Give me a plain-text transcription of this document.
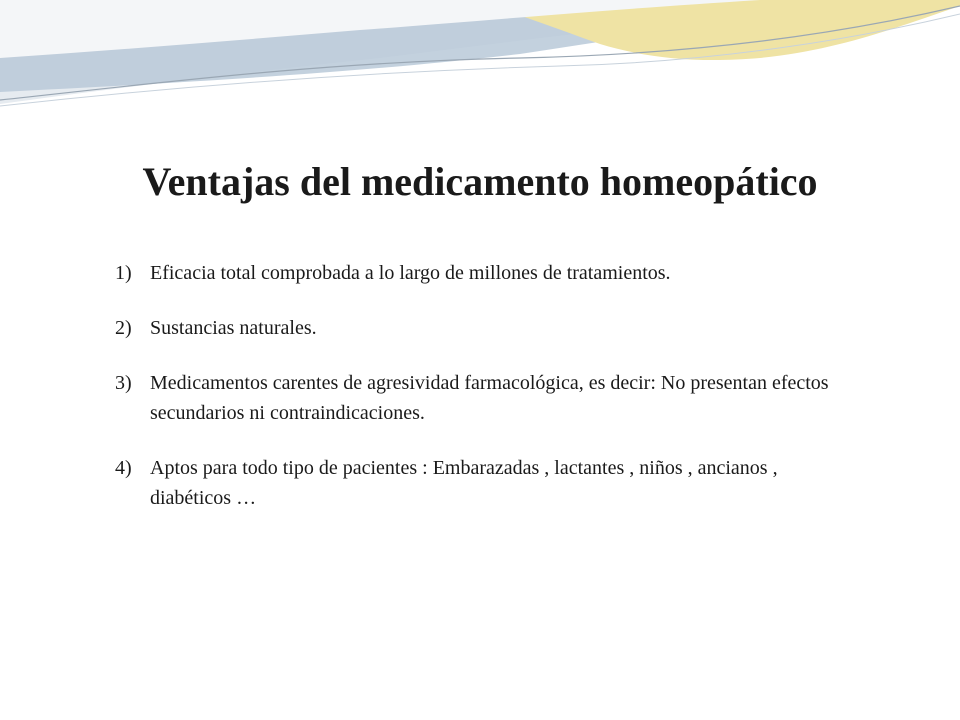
Ventajas del medicamento homeopático
1) Eficacia total comprobada a lo largo de millones de tratamientos.
2) Sustancias naturales.
3) Medicamentos carentes de agresividad farmacológica, es decir: No presentan efectos secundarios ni contraindicaciones.
4) Aptos para todo tipo de pacientes : Embarazadas , lactantes , niños , ancianos , diabéticos …
